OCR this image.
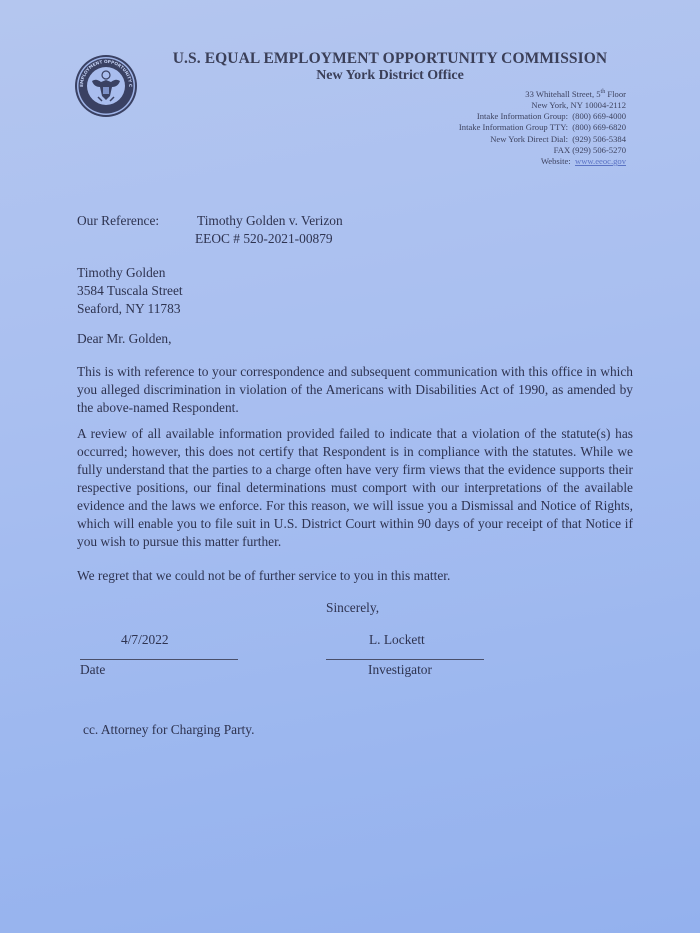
EMPLOYMENT OPPORTUNITY C
U.S. EQUAL EMPLOYMENT OPPORTUNITY COMMISSION
New York District Office
33 Whitehall Street, 5th Floor
New York, NY 10004-2112
Intake Information Group: (800) 669-4000
Intake Information Group TTY: (800) 669-6820
New York Direct Dial: (929) 506-5384
FAX (929) 506-5270
Website: www.eeoc.gov
Our Reference:	Timothy Golden v. Verizon
EEOC # 520-2021-00879
Timothy Golden
3584 Tuscala Street
Seaford, NY 11783
Dear Mr. Golden,
This is with reference to your correspondence and subsequent communication with this office in which you alleged discrimination in violation of the Americans with Disabilities Act of 1990, as amended by the above-named Respondent.
A review of all available information provided failed to indicate that a violation of the statute(s) has occurred; however, this does not certify that Respondent is in compliance with the statutes. While we fully understand that the parties to a charge often have very firm views that the evidence supports their respective positions, our final determinations must comport with our interpretations of the available evidence and the laws we enforce. For this reason, we will issue you a Dismissal and Notice of Rights, which will enable you to file suit in U.S. District Court within 90 days of your receipt of that Notice if you wish to pursue this matter further.
We regret that we could not be of further service to you in this matter.
Sincerely,
4/7/2022	L. Lockett
Date	Investigator
cc. Attorney for Charging Party.
